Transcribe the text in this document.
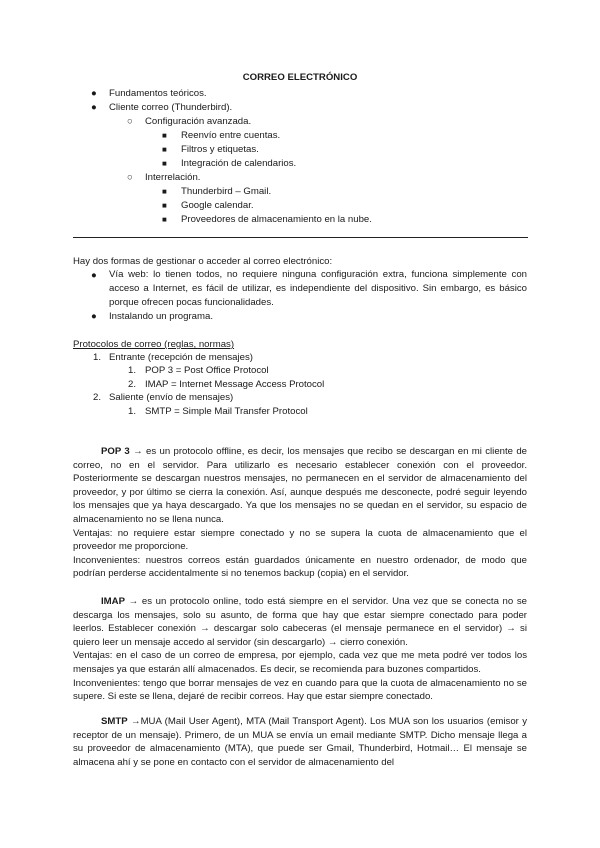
CORREO ELECTRÓNICO
● Fundamentos teóricos.
● Cliente correo (Thunderbird).
○ Configuración avanzada.
■ Reenvío entre cuentas.
■ Filtros y etiquetas.
■ Integración de calendarios.
○ Interrelación.
■ Thunderbird – Gmail.
■ Google calendar.
■ Proveedores de almacenamiento en la nube.
Hay dos formas de gestionar o acceder al correo electrónico:
● Vía web: lo tienen todos, no requiere ninguna configuración extra, funciona simplemente con acceso a Internet, es fácil de utilizar, es independiente del dispositivo. Sin embargo, es básico porque ofrecen pocas funcionalidades.

● Instalando un programa.
Protocolos de correo (reglas, normas)
1. Entrante (recepción de mensajes)
1. POP 3 = Post Office Protocol
2. IMAP = Internet Message Access Protocol
2. Saliente (envío de mensajes)
1. SMTP = Simple Mail Transfer Protocol

POP 3 → es un protocolo offline, es decir, los mensajes que recibo se descargan en mi cliente de correo, no en el servidor. Para utilizarlo es necesario establecer conexión con el proveedor. Posteriormente se descargan nuestros mensajes, no permanecen en el servidor de almacenamiento del proveedor, y por último se cierra la conexión. Así, aunque después me desconecte, podré seguir leyendo los mensajes que ya haya descargado. Ya que los mensajes no se quedan en el servidor, su espacio de almacenamiento no se llena nunca.

Ventajas: no requiere estar siempre conectado y no se supera la cuota de almacenamiento que el proveedor me proporcione.

Inconvenientes: nuestros correos están guardados únicamente en nuestro ordenador, de modo que podrían perderse accidentalmente si no tenemos backup (copia) en el servidor.

IMAP → es un protocolo online, todo está siempre en el servidor. Una vez que se conecta no se descarga los mensajes, solo su asunto, de forma que hay que estar siempre conectado para poder leerlos. Establecer conexión → descargar solo cabeceras (el mensaje permanece en el servidor) → si quiero leer un mensaje accedo al servidor (sin descargarlo) → cierro conexión.

Ventajas: en el caso de un correo de empresa, por ejemplo, cada vez que me meta podré ver todos los mensajes ya que estarán allí almacenados. Es decir, se recomienda para buzones compartidos.

Inconvenientes: tengo que borrar mensajes de vez en cuando para que la cuota de almacenamiento no se supere. Si este se llena, dejaré de recibir correos. Hay que estar siempre conectado.

SMTP →MUA (Mail User Agent), MTA (Mail Transport Agent). Los MUA son los usuarios (emisor y receptor de un mensaje). Primero, de un MUA se envía un email mediante SMTP. Dicho mensaje llega a su proveedor de almacenamiento (MTA), que puede ser Gmail, Thunderbird, Hotmail… El mensaje se almacena ahí y se pone en contacto con el servidor de almacenamiento del
